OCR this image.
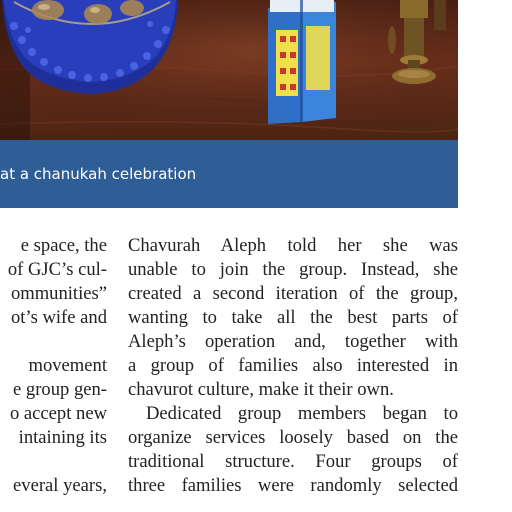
at a chanukah celebration
e space, the
of GJC’s cul-
ommunities”
ot’s wife and
movement
e group gen-
o accept new
intaining its
everal years,
Chavurah Aleph told her she was
unable to join the group. Instead, she
created a second iteration of the group,
wanting to take all the best parts of
Aleph’s operation and, together with
a group of families also interested in
chavurot culture, make it their own.
Dedicated group members began to
organize services loosely based on the
traditional structure. Four groups of
three families were randomly selected
